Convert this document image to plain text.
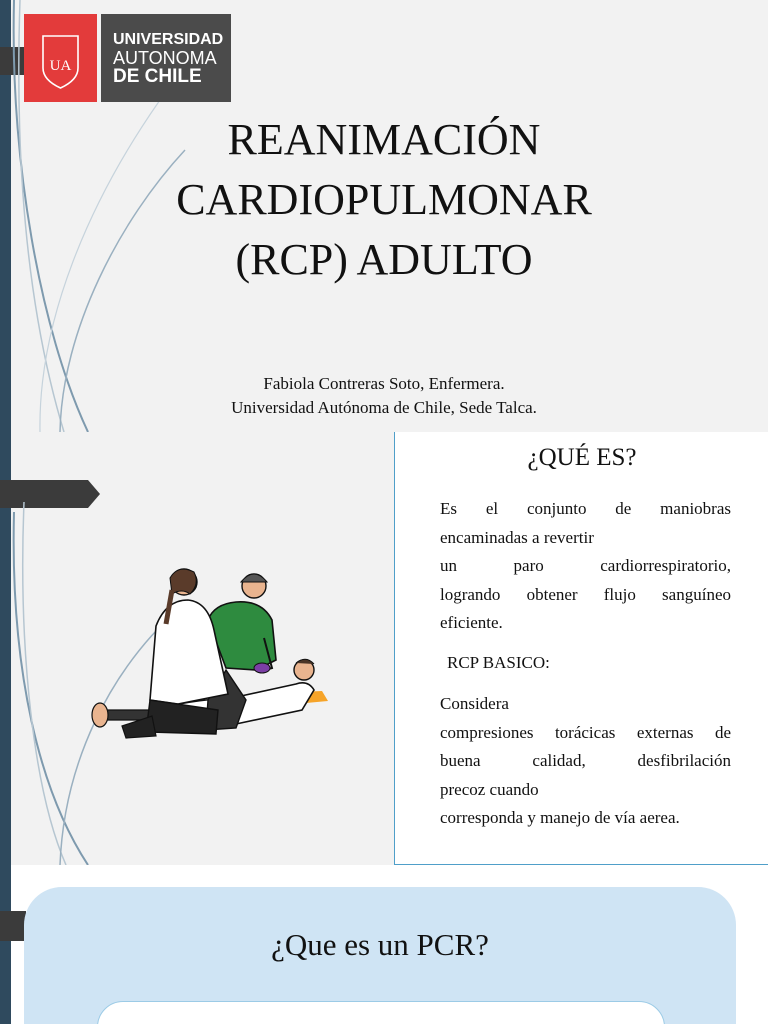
UA
UNIVERSIDAD
AUTONOMA
DE CHILE
REANIMACIÓN
CARDIOPULMONAR
(RCP) ADULTO
Fabiola Contreras Soto, Enfermera.
Universidad Autónoma de Chile, Sede Talca.
¿QUÉ ES?
Es el conjunto de maniobras
encaminadas a revertir
un paro cardiorrespiratorio,
logrando obtener flujo sanguíneo
eficiente.
RCP BASICO:
Considera
compresiones torácicas externas de
buena calidad, desfibrilación
precoz cuando
corresponda y manejo de vía aerea.
¿Que es un PCR?
